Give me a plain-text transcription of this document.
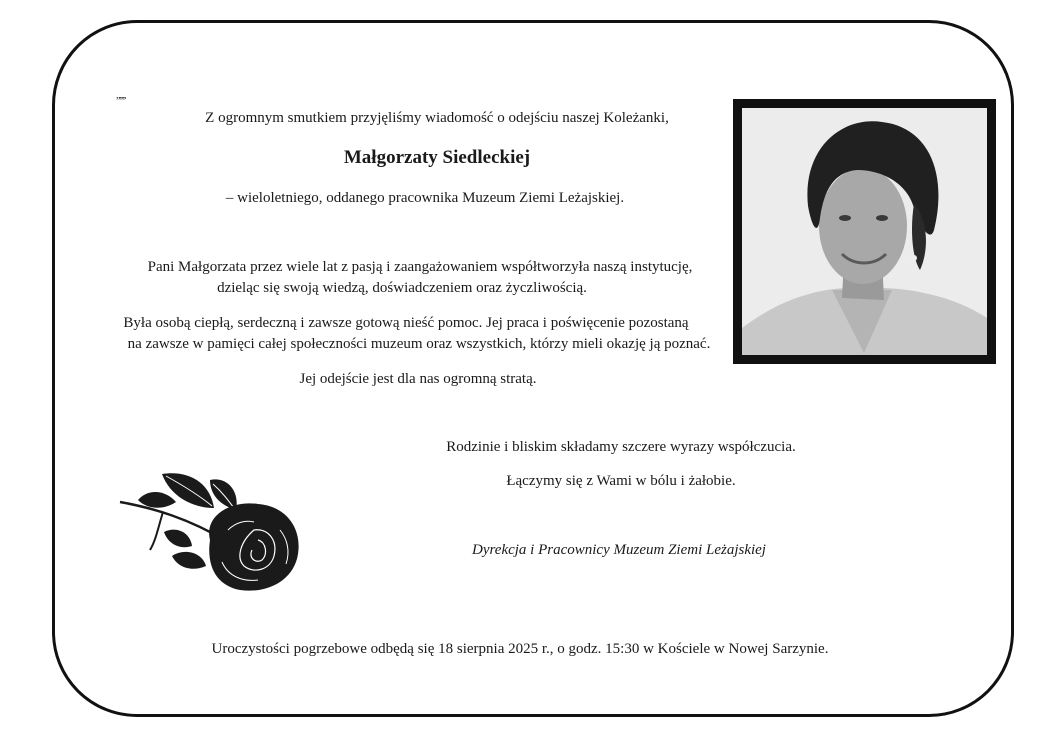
„,,,,
Z ogromnym smutkiem przyjęliśmy wiadomość o odejściu naszej Koleżanki,
Małgorzaty Siedleckiej
– wieloletniego, oddanego pracownika Muzeum Ziemi Leżajskiej.
Pani Małgorzata przez wiele lat z pasją i zaangażowaniem współtworzyła naszą instytucję,
dzieląc się swoją wiedzą, doświadczeniem oraz życzliwością.
Była osobą ciepłą, serdeczną i zawsze gotową nieść pomoc. Jej praca i poświęcenie pozostaną
na zawsze w pamięci całej społeczności muzeum oraz wszystkich, którzy mieli okazję ją poznać.
Jej odejście jest dla nas ogromną stratą.
Rodzinie i bliskim składamy szczere wyrazy współczucia.
Łączymy się z Wami w bólu i żałobie.
Dyrekcja i Pracownicy Muzeum Ziemi Leżajskiej
Uroczystości pogrzebowe odbędą się 18 sierpnia 2025 r., o godz. 15:30 w Kościele w Nowej Sarzynie.
